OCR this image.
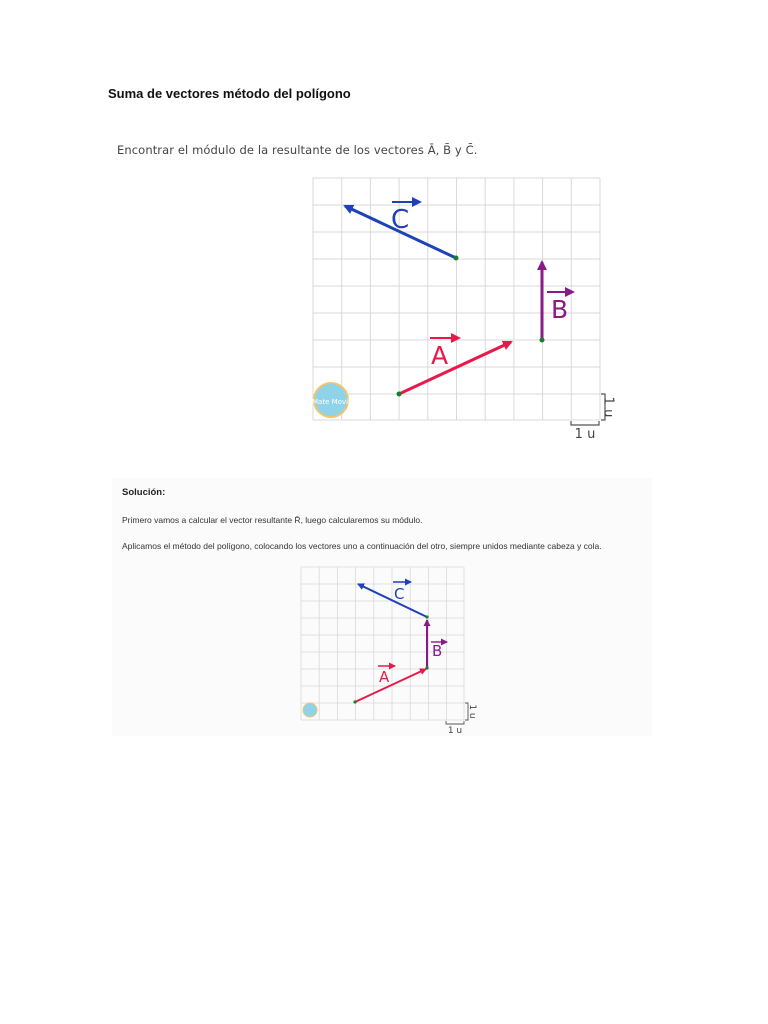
Suma de vectores método del polígono
Encontrar el módulo de la resultante de los vectores Ā, B̄ y C̄.
C
B
A
Mate Movil	1 u
1 u
Solución:
Primero vamos a calcular el vector resultante R̄, luego calcularemos su módulo.
Aplicamos el método del polígono, colocando los vectores uno a continuación del otro, siempre unidos mediante cabeza y cola.
A
B
C
1 u
1 u
